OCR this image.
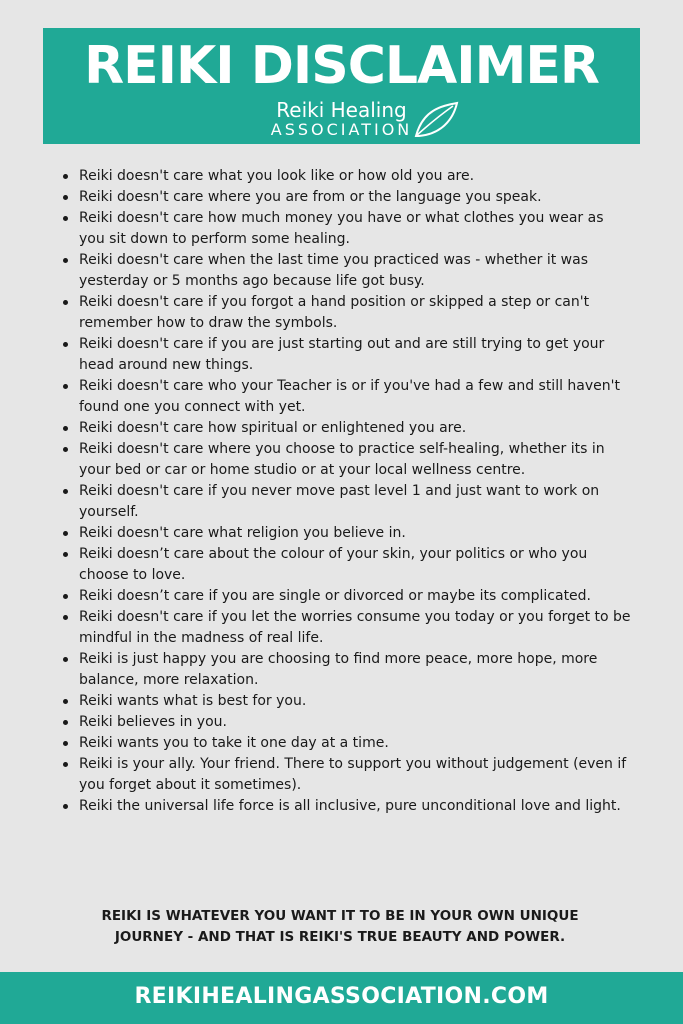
REIKI DISCLAIMER
Reiki Healing
ASSOCIATION
Reiki doesn't care what you look like or how old you are.
Reiki doesn't care where you are from or the language you speak.
Reiki doesn't care how much money you have or what clothes you wear as you sit down to perform some healing.
Reiki doesn't care when the last time you practiced was - whether it was yesterday or 5 months ago because life got busy.
Reiki doesn't care if you forgot a hand position or skipped a step or can't remember how to draw the symbols.
Reiki doesn't care if you are just starting out and are still trying to get your head around new things.
Reiki doesn't care who your Teacher is or if you've had a few and still haven't found one you connect with yet.
Reiki doesn't care how spiritual or enlightened you are.
Reiki doesn't care where you choose to practice self-healing, whether its in your bed or car or home studio or at your local wellness centre.
Reiki doesn't care if you never move past level 1 and just want to work on yourself.
Reiki doesn't care what religion you believe in.
Reiki doesn’t care about the colour of your skin, your politics or who you choose to love.
Reiki doesn’t care if you are single or divorced or maybe its complicated.
Reiki doesn't care if you let the worries consume you today or you forget to be mindful in the madness of real life.
Reiki is just happy you are choosing to find more peace, more hope, more balance, more relaxation.
Reiki wants what is best for you.
Reiki believes in you.
Reiki wants you to take it one day at a time.
Reiki is your ally. Your friend. There to support you without judgement (even if you forget about it sometimes).
Reiki the universal life force is all inclusive, pure unconditional love and light.
REIKI IS WHATEVER YOU WANT IT TO BE IN YOUR OWN UNIQUE JOURNEY - AND THAT IS REIKI'S TRUE BEAUTY AND POWER.
REIKIHEALINGASSOCIATION.COM
